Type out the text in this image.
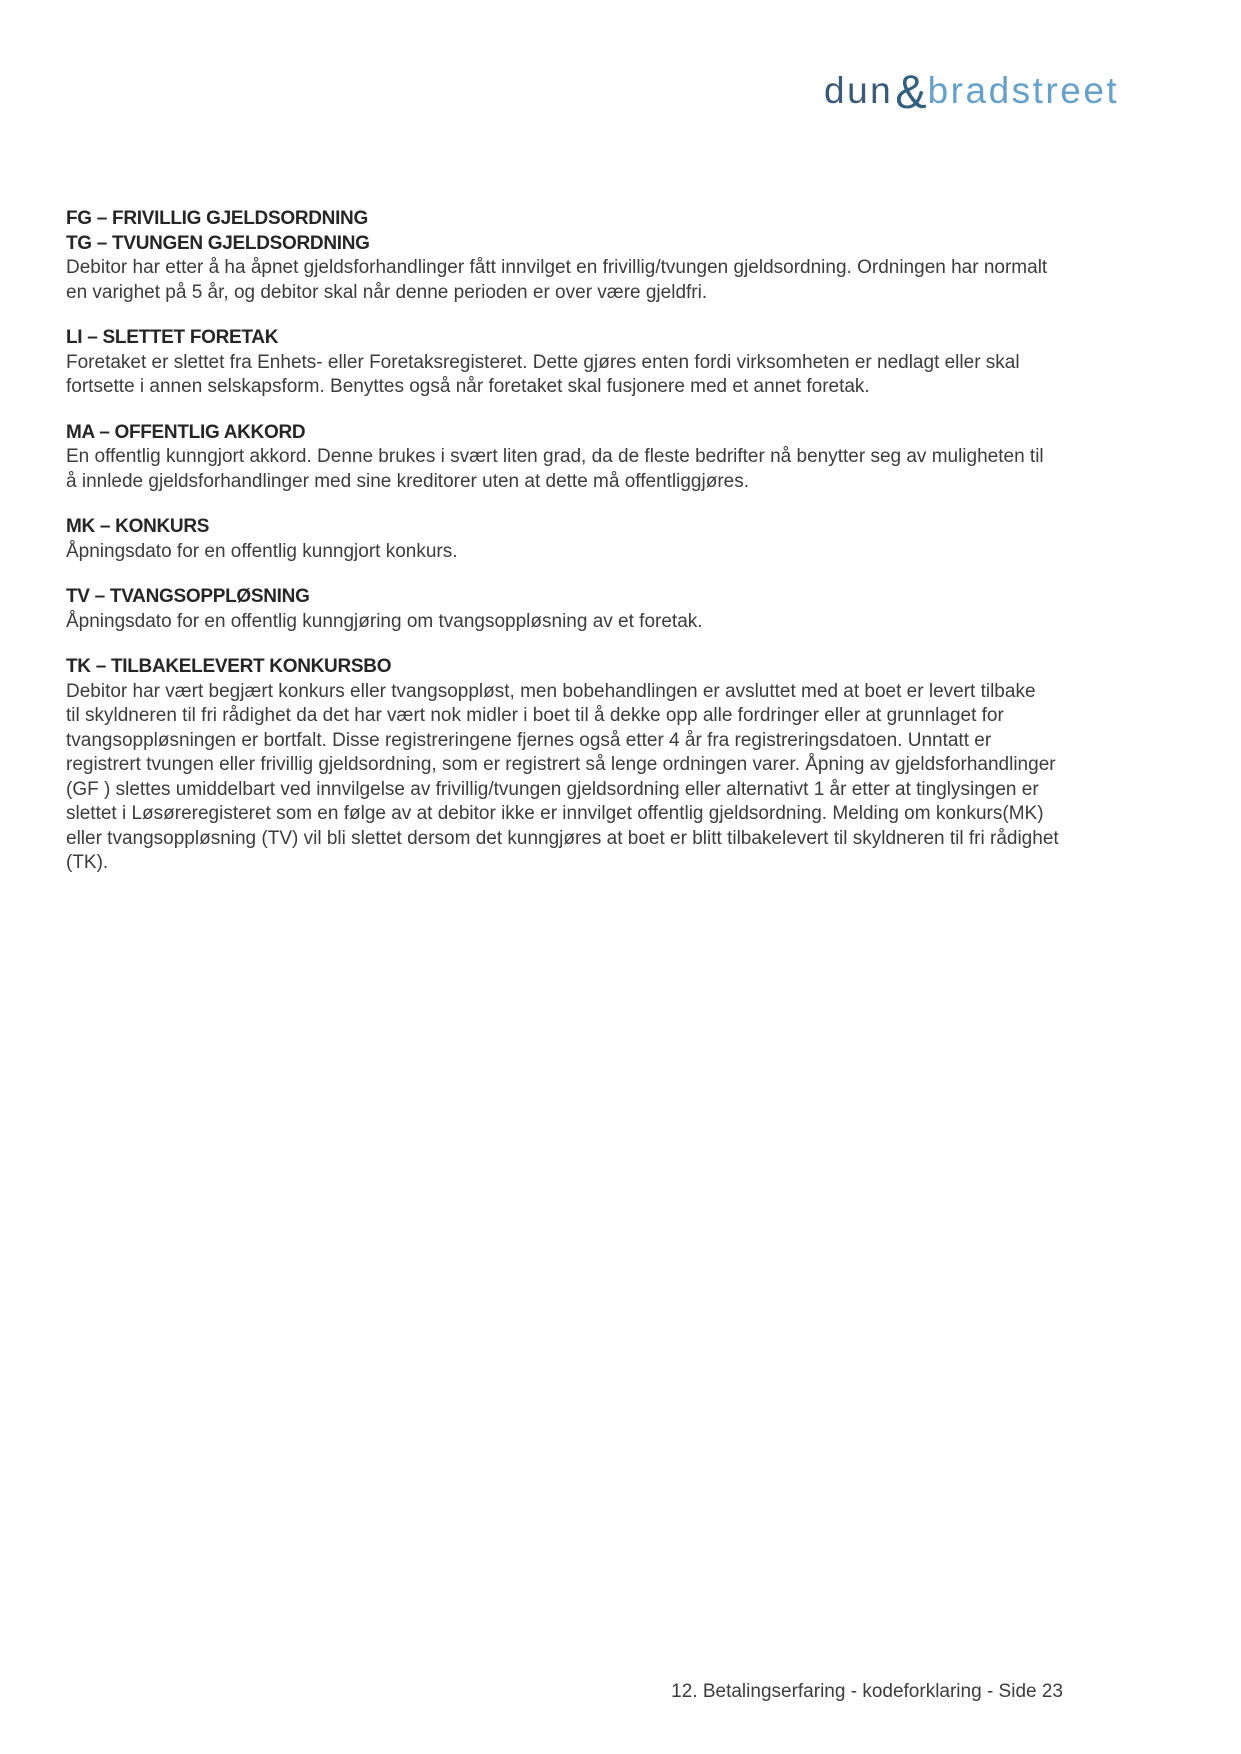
dun&bradstreet
FG – FRIVILLIG GJELDSORDNING
TG – TVUNGEN GJELDSORDNING
Debitor har etter å ha åpnet gjeldsforhandlinger fått innvilget en frivillig/tvungen gjeldsordning. Ordningen har normalt
en varighet på 5 år, og debitor skal når denne perioden er over være gjeldfri.
LI – SLETTET FORETAK
Foretaket er slettet fra Enhets- eller Foretaksregisteret. Dette gjøres enten fordi virksomheten er nedlagt eller skal
fortsette i annen selskapsform. Benyttes også når foretaket skal fusjonere med et annet foretak.
MA – OFFENTLIG AKKORD
En offentlig kunngjort akkord. Denne brukes i svært liten grad, da de fleste bedrifter nå benytter seg av muligheten til
å innlede gjeldsforhandlinger med sine kreditorer uten at dette må offentliggjøres.
MK – KONKURS
Åpningsdato for en offentlig kunngjort konkurs.
TV – TVANGSOPPLØSNING
Åpningsdato for en offentlig kunngjøring om tvangsoppløsning av et foretak.
TK – TILBAKELEVERT KONKURSBO
Debitor har vært begjært konkurs eller tvangsoppløst, men bobehandlingen er avsluttet med at boet er levert tilbake
til skyldneren til fri rådighet da det har vært nok midler i boet til å dekke opp alle fordringer eller at grunnlaget for
tvangsoppløsningen er bortfalt. Disse registreringene fjernes også etter 4 år fra registreringsdatoen. Unntatt er
registrert tvungen eller frivillig gjeldsordning, som er registrert så lenge ordningen varer. Åpning av gjeldsforhandlinger
(GF ) slettes umiddelbart ved innvilgelse av frivillig/tvungen gjeldsordning eller alternativt 1 år etter at tinglysingen er
slettet i Løsøreregisteret som en følge av at debitor ikke er innvilget offentlig gjeldsordning. Melding om konkurs(MK)
eller tvangsoppløsning (TV) vil bli slettet dersom det kunngjøres at boet er blitt tilbakelevert til skyldneren til fri rådighet
(TK).
12. Betalingserfaring - kodeforklaring - Side 23
